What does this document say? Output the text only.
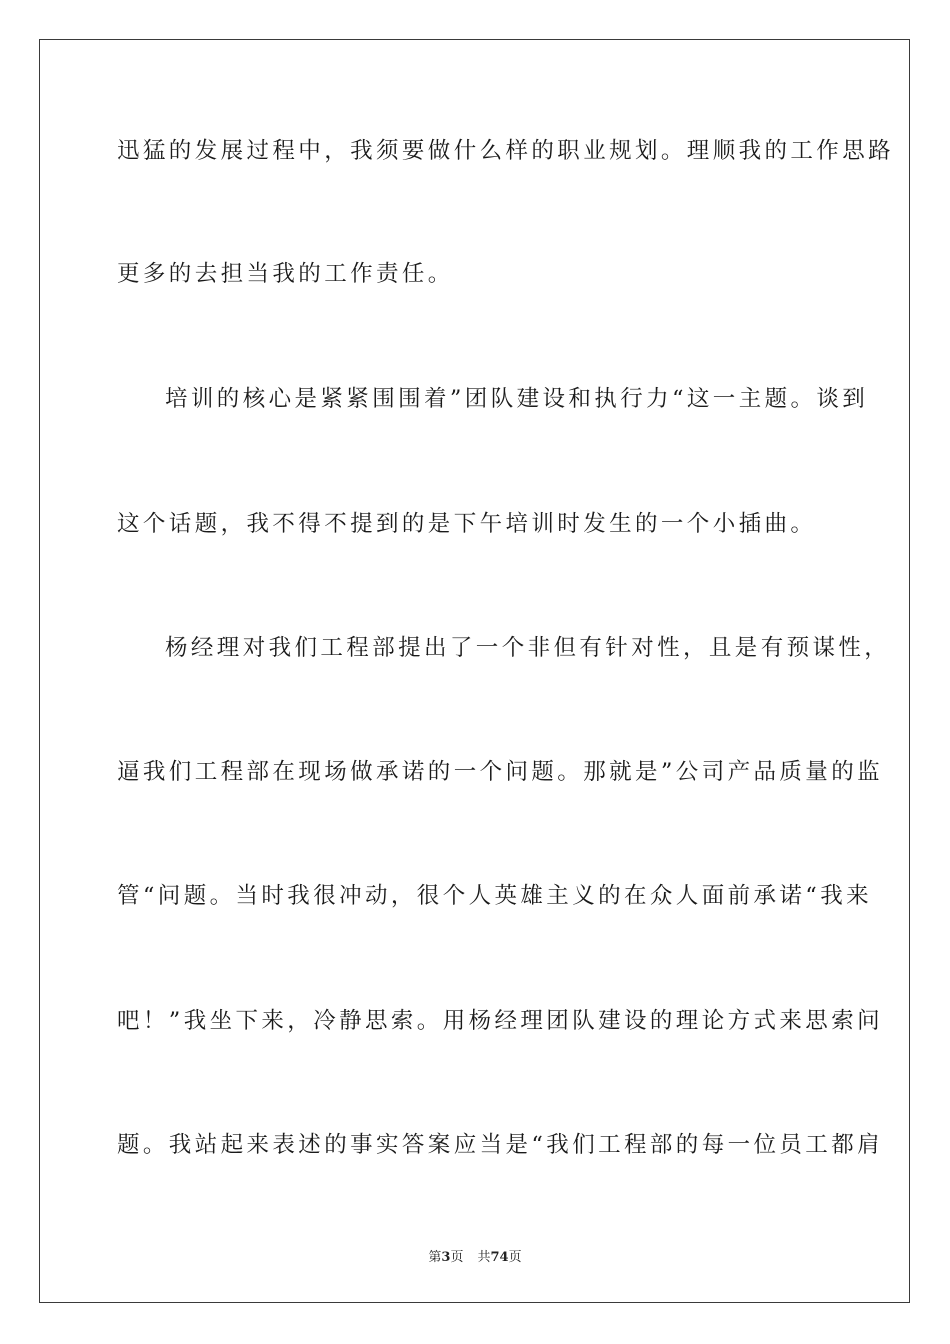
迅猛的发展过程中，我须要做什么样的职业规划。理顺我的工作思路
更多的去担当我的工作责任。
培训的核心是紧紧围围着”团队建设和执行力“这一主题。谈到
这个话题，我不得不提到的是下午培训时发生的一个小插曲。
杨经理对我们工程部提出了一个非但有针对性，且是有预谋性，
逼我们工程部在现场做承诺的一个问题。那就是”公司产品质量的监
管“问题。当时我很冲动，很个人英雄主义的在众人面前承诺“我来
吧！”我坐下来，冷静思索。用杨经理团队建设的理论方式来思索问
题。我站起来表述的事实答案应当是“我们工程部的每一位员工都肩
第3页 共74页
